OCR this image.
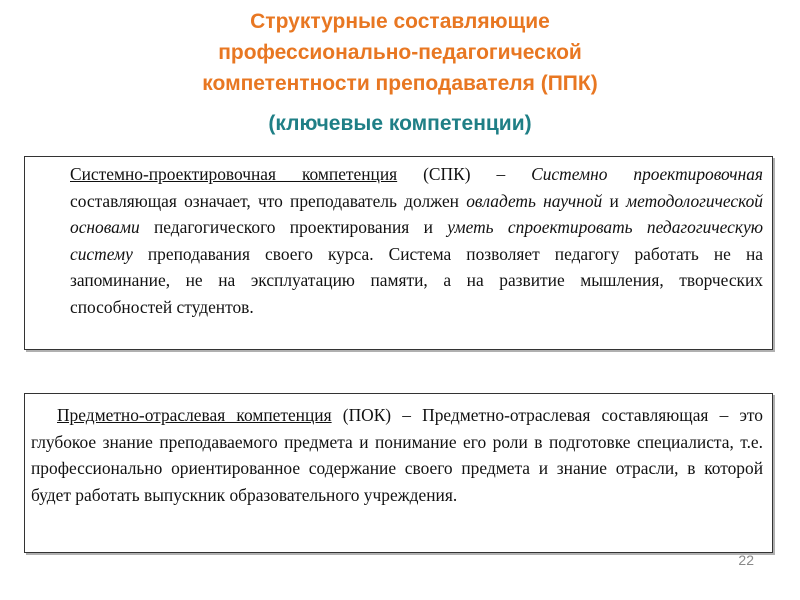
Структурные составляющие
профессионально-педагогической
компетентности преподавателя (ППК)
(ключевые компетенции)
Системно-проектировочная компетенция (СПК) – Системно проектировочная составляющая означает, что преподаватель должен овладеть научной и методологической основами педагогического проектирования и уметь спроектировать педагогическую систему преподавания своего курса. Система позволяет педагогу работать не на запоминание, не на эксплуатацию памяти, а на развитие мышления, творческих способностей студентов.
Предметно-отраслевая компетенция (ПОК) – Предметно-отраслевая составляющая – это глубокое знание преподаваемого предмета и понимание его роли в подготовке специалиста, т.е. профессионально ориентированное содержание своего предмета и знание отрасли, в которой будет работать выпускник образовательного учреждения.
22
